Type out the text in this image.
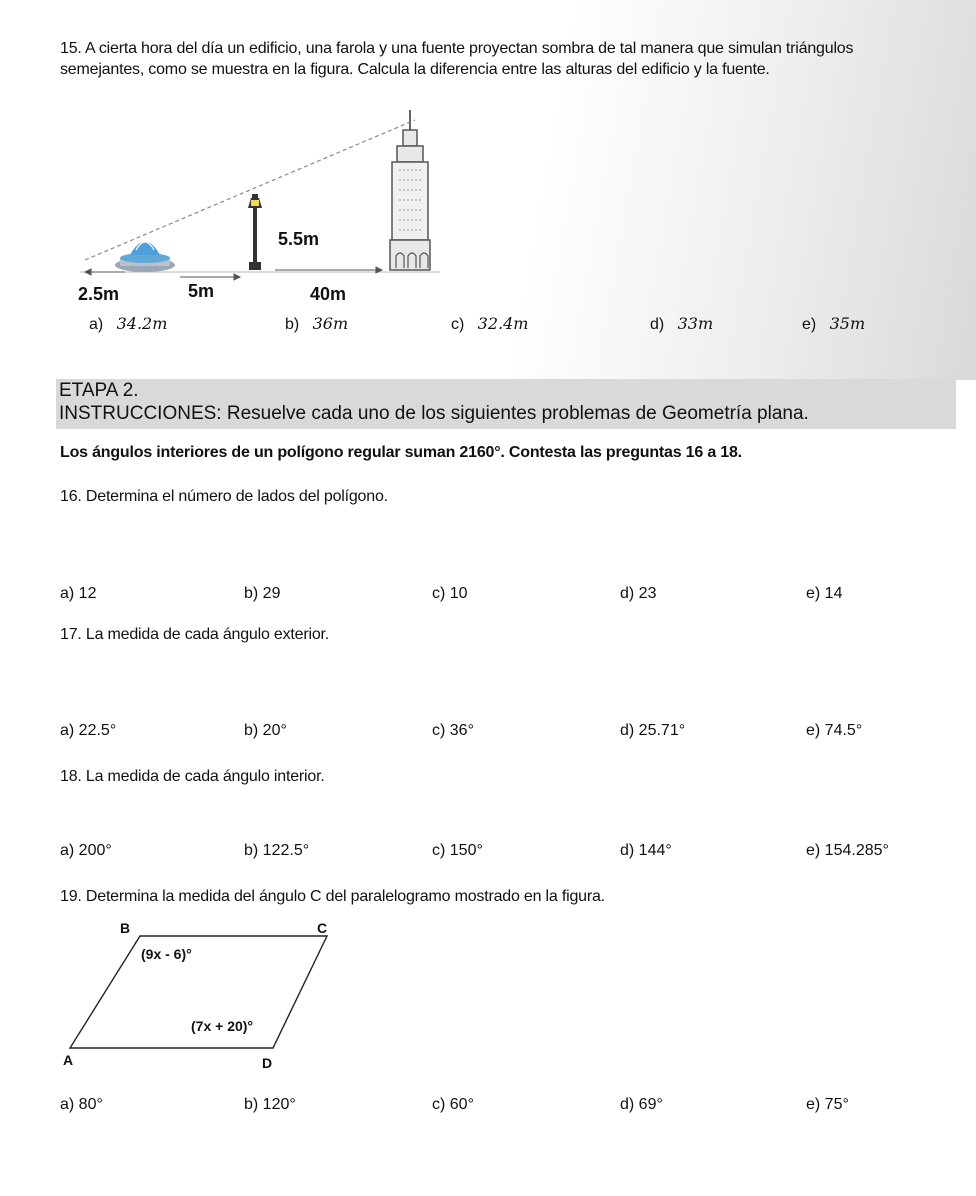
15. A cierta hora del día un edificio, una farola y una fuente proyectan sombra de tal manera que simulan triángulos
semejantes, como se muestra en la figura. Calcula la diferencia entre las alturas del edificio y la fuente.
5.5m
2.5m	5m	40m
a) 34.2m	b) 36m	c) 32.4m	d) 33m	e) 35m
ETAPA 2.
INSTRUCCIONES: Resuelve cada uno de los siguientes problemas de Geometría plana.
Los ángulos interiores de un polígono regular suman 2160°. Contesta las preguntas 16 a 18.
16. Determina el número de lados del polígono.
a) 12	b) 29	c) 10	d) 23	e) 14
17. La medida de cada ángulo exterior.
a) 22.5°	b) 20°	c) 36°	d) 25.71°	e) 74.5°
18. La medida de cada ángulo interior.
a) 200°	b) 122.5°	c) 150°	d) 144°	e) 154.285°
19. Determina la medida del ángulo C del paralelogramo mostrado en la figura.
B	C
A	D
(9x - 6)°
(7x + 20)°
a) 80°	b) 120°	c) 60°	d) 69°	e) 75°
